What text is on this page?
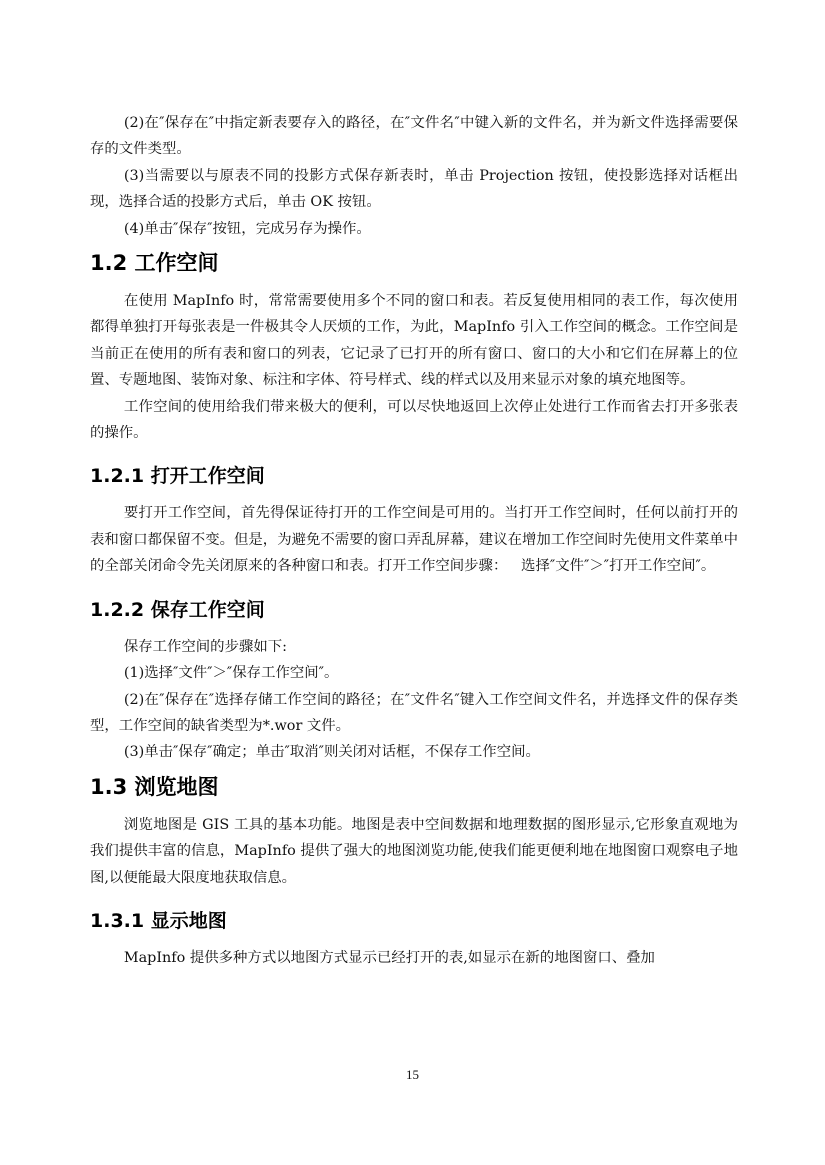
(2)在″保存在″中指定新表要存入的路径，在″文件名″中键入新的文件名，并为新文件选择需要保存的文件类型。

(3)当需要以与原表不同的投影方式保存新表时，单击 Projection 按钮，使投影选择对话框出现，选择合适的投影方式后，单击 OK 按钮。

(4)单击″保存″按钮，完成另存为操作。

1.2 工作空间

在使用 MapInfo 时，常常需要使用多个不同的窗口和表。若反复使用相同的表工作，每次使用都得单独打开每张表是一件极其令人厌烦的工作，为此，MapInfo 引入工作空间的概念。工作空间是当前正在使用的所有表和窗口的列表，它记录了已打开的所有窗口、窗口的大小和它们在屏幕上的位置、专题地图、装饰对象、标注和字体、符号样式、线的样式以及用来显示对象的填充地图等。

工作空间的使用给我们带来极大的便利，可以尽快地返回上次停止处进行工作而省去打开多张表的操作。

1.2.1 打开工作空间

要打开工作空间，首先得保证待打开的工作空间是可用的。当打开工作空间时，任何以前打开的表和窗口都保留不变。但是，为避免不需要的窗口弄乱屏幕，建议在增加工作空间时先使用文件菜单中的全部关闭命令先关闭原来的各种窗口和表。打开工作空间步骤：   选择″文件″＞″打开工作空间″。

1.2.2 保存工作空间

保存工作空间的步骤如下:

(1)选择″文件″＞″保存工作空间″。

(2)在″保存在″选择存储工作空间的路径；在″文件名″键入工作空间文件名，并选择文件的保存类型，工作空间的缺省类型为*.wor 文件。

(3)单击″保存″确定；单击″取消″则关闭对话框，不保存工作空间。

1.3 浏览地图

浏览地图是 GIS 工具的基本功能。地图是表中空间数据和地理数据的图形显示,它形象直观地为我们提供丰富的信息，MapInfo 提供了强大的地图浏览功能,使我们能更便利地在地图窗口观察电子地图,以便能最大限度地获取信息。

1.3.1 显示地图

MapInfo 提供多种方式以地图方式显示已经打开的表,如显示在新的地图窗口、叠加

15
